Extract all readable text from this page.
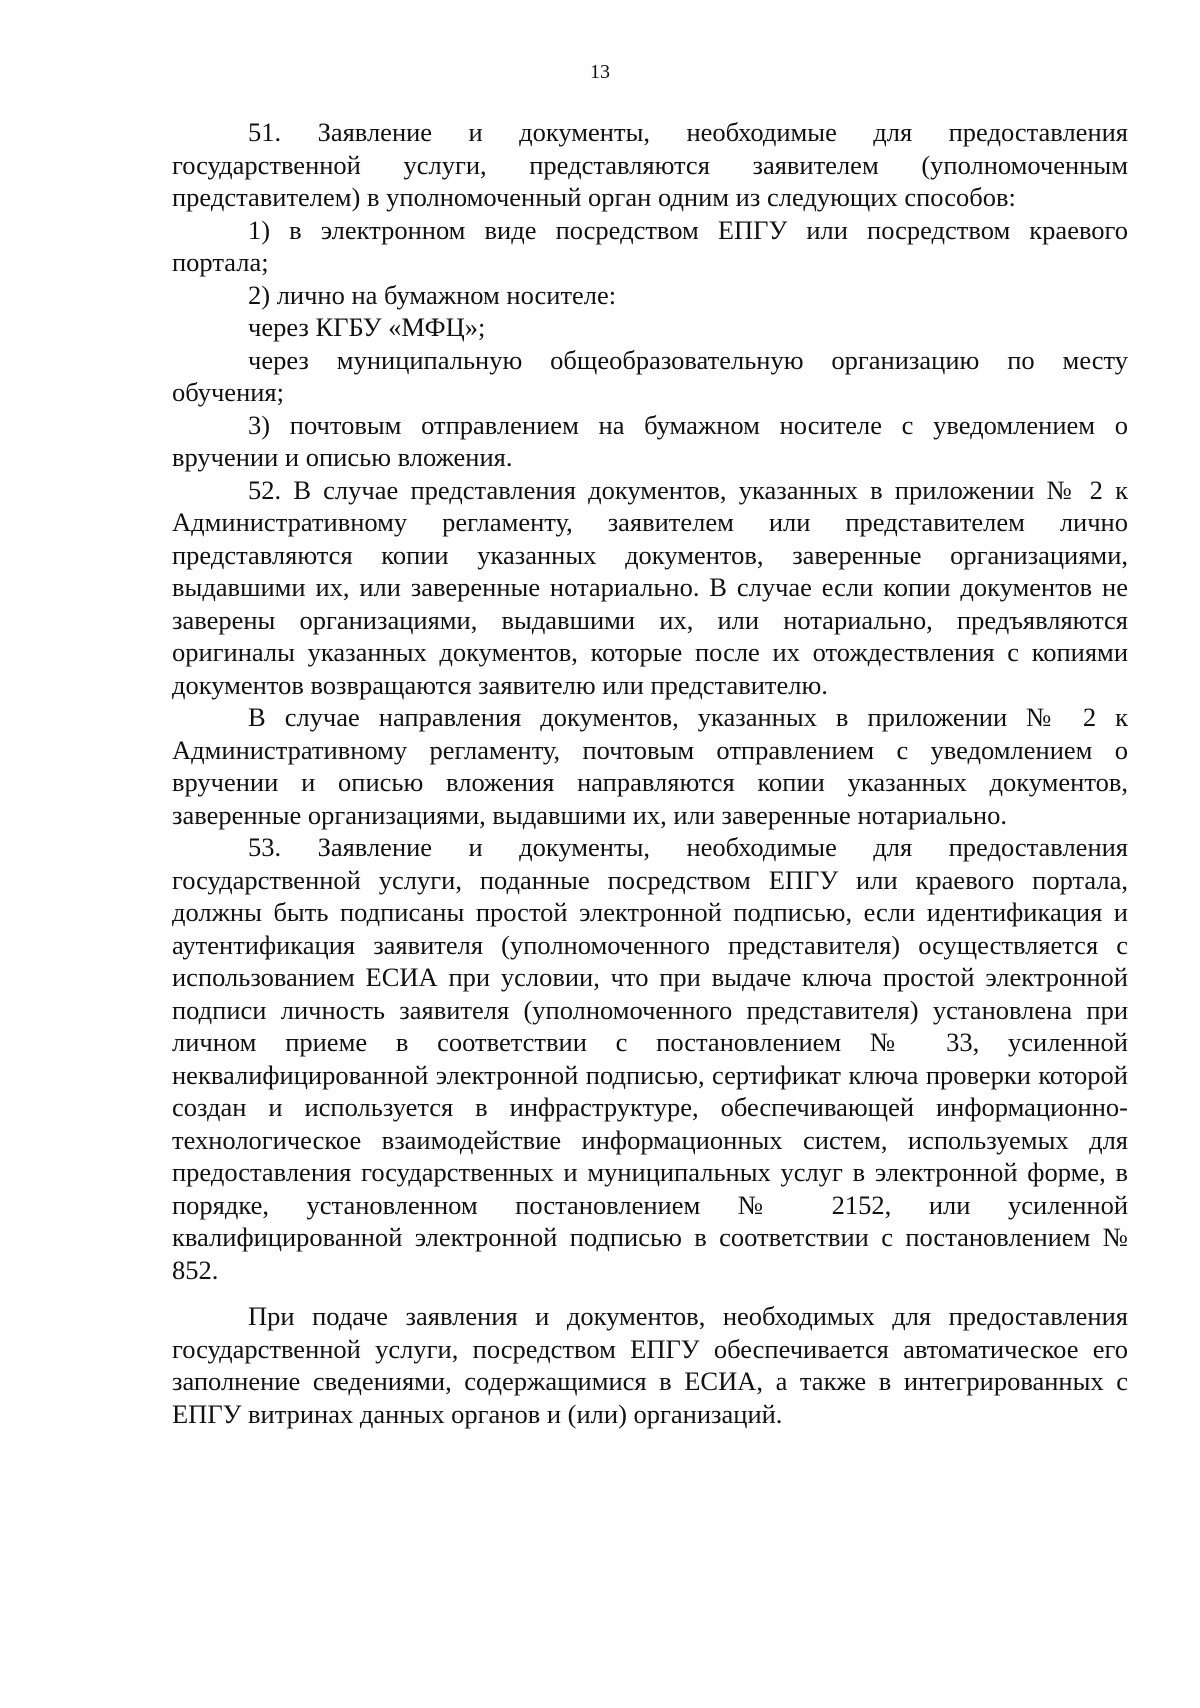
13

51. Заявление и документы, необходимые для предоставления государственной услуги, представляются заявителем (уполномоченным представителем) в уполномоченный орган одним из следующих способов:

1) в электронном виде посредством ЕПГУ или посредством краевого портала;

2) лично на бумажном носителе:

через КГБУ «МФЦ»;

через муниципальную общеобразовательную организацию по месту обучения;

3) почтовым отправлением на бумажном носителе с уведомлением о вручении и описью вложения.

52. В случае представления документов, указанных в приложении № 2 к Административному регламенту, заявителем или представителем лично представляются копии указанных документов, заверенные организациями, выдавшими их, или заверенные нотариально. В случае если копии документов не заверены организациями, выдавшими их, или нотариально, предъявляются оригиналы указанных документов, которые после их отождествления с копиями документов возвращаются заявителю или представителю.

В случае направления документов, указанных в приложении № 2 к Административному регламенту, почтовым отправлением с уведомлением о вручении и описью вложения направляются копии указанных документов, заверенные организациями, выдавшими их, или заверенные нотариально.

53. Заявление и документы, необходимые для предоставления государственной услуги, поданные посредством ЕПГУ или краевого портала, должны быть подписаны простой электронной подписью, если идентификация и аутентификация заявителя (уполномоченного представителя) осуществляется с использованием ЕСИА при условии, что при выдаче ключа простой электронной подписи личность заявителя (уполномоченного представителя) установлена при личном приеме в соответствии с постановлением № 33, усиленной неквалифицированной электронной подписью, сертификат ключа проверки которой создан и используется в инфраструктуре, обеспечивающей информационно-технологическое взаимодействие информационных систем, используемых для предоставления государственных и муниципальных услуг в электронной форме, в порядке, установленном постановлением № 2152, или усиленной квалифицированной электронной подписью в соответствии с постановлением № 852.

При подаче заявления и документов, необходимых для предоставления государственной услуги, посредством ЕПГУ обеспечивается автоматическое его заполнение сведениями, содержащимися в ЕСИА, а также в интегрированных с ЕПГУ витринах данных органов и (или) организаций.
